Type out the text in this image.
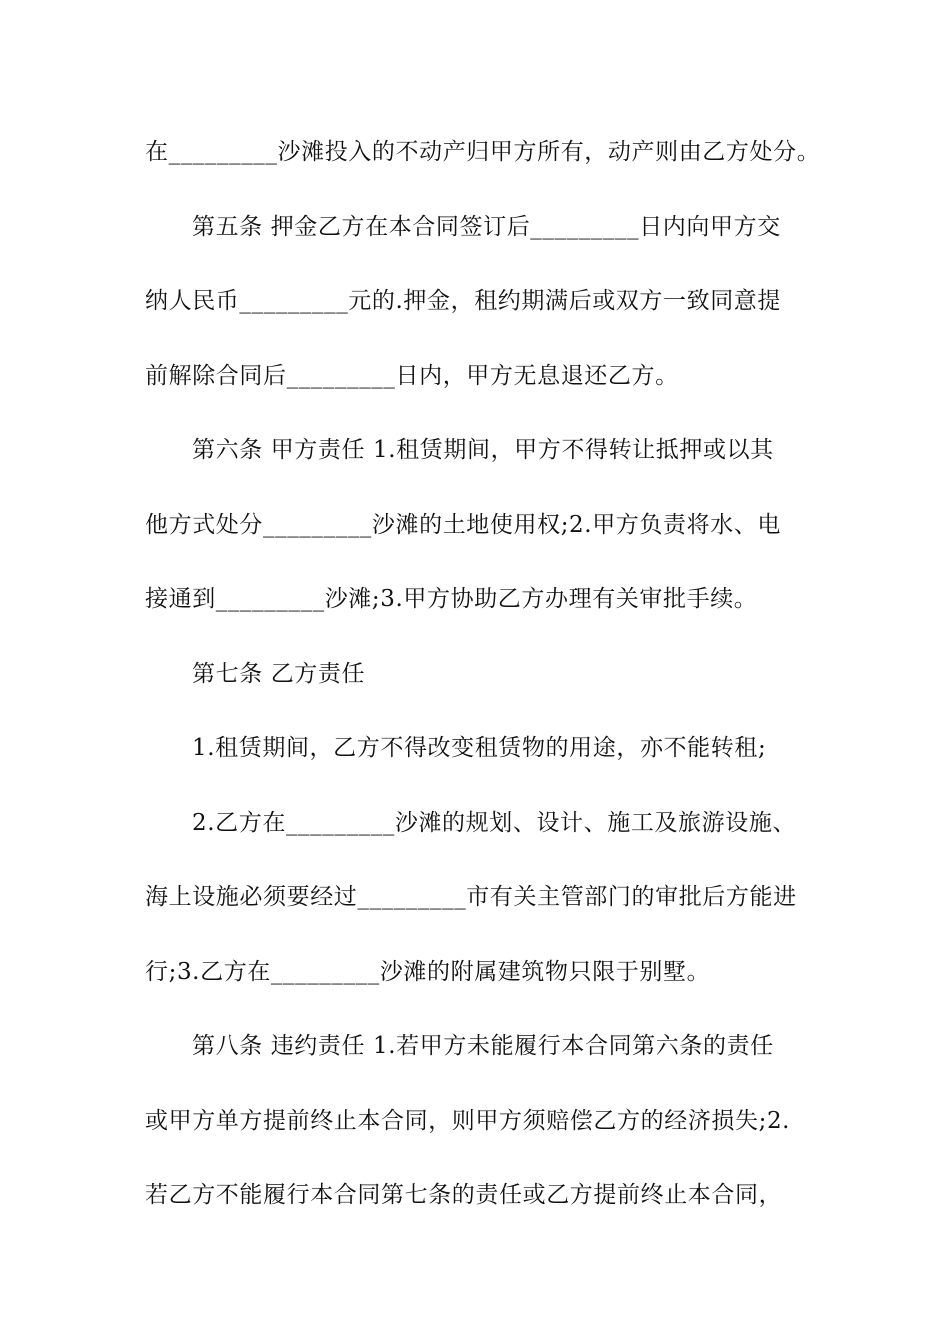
在_________沙滩投入的不动产归甲方所有，动产则由乙方处分。
第五条 押金乙方在本合同签订后_________日内向甲方交
纳人民币_________元的.押金，租约期满后或双方一致同意提
前解除合同后_________日内，甲方无息退还乙方。
第六条 甲方责任 1.租赁期间，甲方不得转让抵押或以其
他方式处分_________沙滩的土地使用权;2.甲方负责将水、电
接通到_________沙滩;3.甲方协助乙方办理有关审批手续。
第七条 乙方责任
1.租赁期间，乙方不得改变租赁物的用途，亦不能转租;
2.乙方在_________沙滩的规划、设计、施工及旅游设施、
海上设施必须要经过_________市有关主管部门的审批后方能进
行;3.乙方在_________沙滩的附属建筑物只限于别墅。
第八条 违约责任 1.若甲方未能履行本合同第六条的责任
或甲方单方提前终止本合同，则甲方须赔偿乙方的经济损失;2.
若乙方不能履行本合同第七条的责任或乙方提前终止本合同，
